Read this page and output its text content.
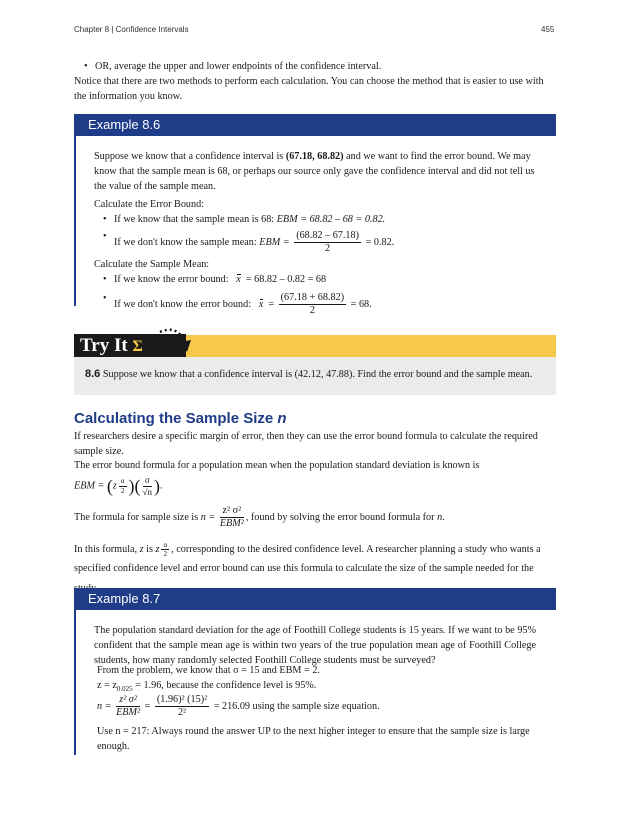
Chapter 8 | Confidence Intervals	455

• OR, average the upper and lower endpoints of the confidence interval.

Notice that there are two methods to perform each calculation. You can choose the method that is easier to use with the information you know.

Example 8.6

Suppose we know that a confidence interval is (67.18, 68.82) and we want to find the error bound. We may know that the sample mean is 68, or perhaps our source only gave the confidence interval and did not tell us the value of the sample mean.

Calculate the Error Bound:

• If we know that the sample mean is 68: EBM = 68.82 – 68 = 0.82.

• If we don't know the sample mean: EBM = $\frac{(68.82 - 67.18)}{2} = 0.82$.

Calculate the Sample Mean:

• If we know the error bound:   x = 68.82 – 0.82 = 68

• If we don't know the error bound:   $x = \frac{(67.18 + 68.82)}{2} = 68$.

Try It Σ

8.6 Suppose we know that a confidence interval is (42.12, 47.88). Find the error bound and the sample mean.

Calculating the Sample Size n

If researchers desire a specific margin of error, then they can use the error bound formula to calculate the required sample size.

The error bound formula for a population mean when the population standard deviation is known is

EBM = ($z \frac{\alpha}{2}$ )( $\frac{\sigma}{√n}$ ).
The formula for sample size is $n = \frac{\text{z² σ²}}{\text{EBM²}}$ , found by solving the error bound formula for n.
In this formula, z is z $\frac{\alpha}{2}$ , corresponding to the desired confidence level. A researcher planning a study who wants a specified confidence level and error bound can use this formula to calculate the size of the sample needed for the
Example 8.7
The population standard deviation for the age of Foothill College students is 15 years. If we want to be 95% confident that the sample mean age is within two years of the true population mean age of Foothill College students, how many randomly selected Foothill College students must be surveyed?

From the problem, we know that σ = 15 and EBM = 2.

$z = z_{0.025} = 1.96$, because the confidence level is 95%.

$n = \frac{\text{z² σ²}}{\text{EBM²}} = \frac{\text{(1.96)² (15)²}}{\text{2²}} = 216.09$ using the sample size equation.

Use n = 217: Always round the answer UP to the next higher integer to ensure that the sample size is large enough.
